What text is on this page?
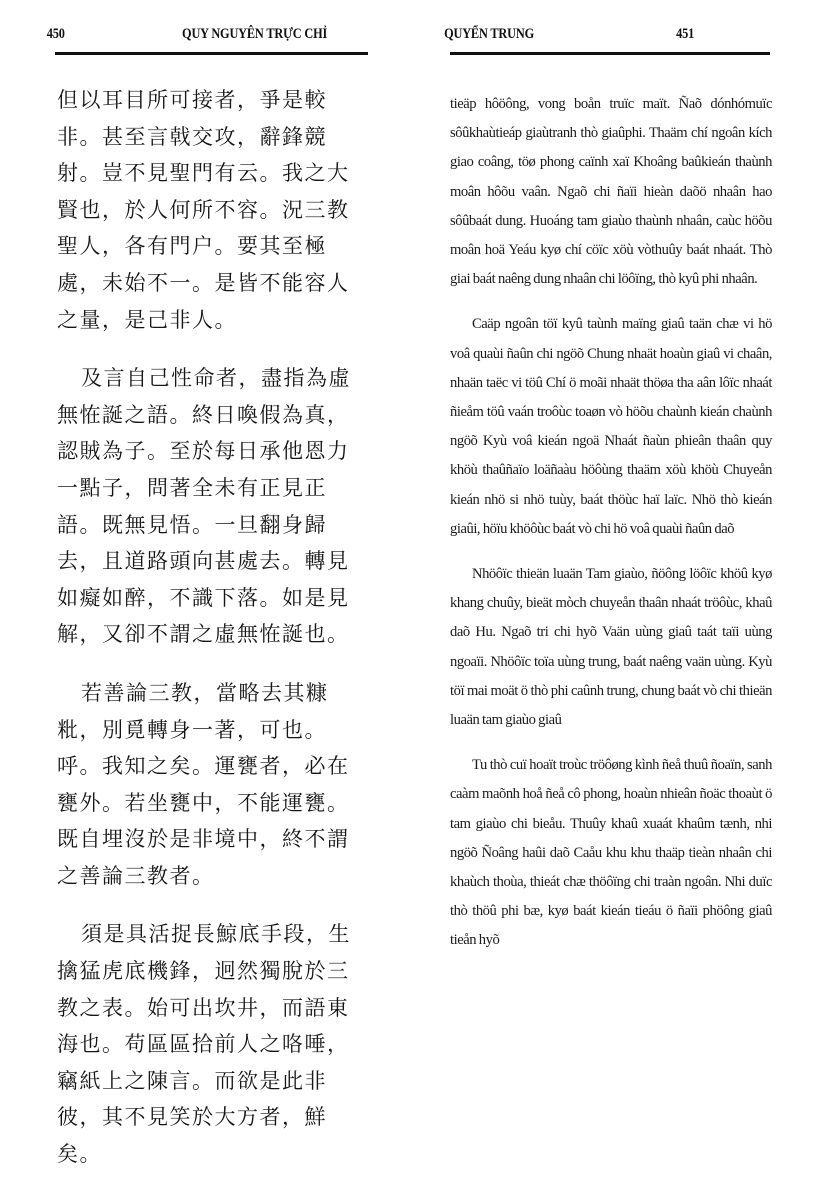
450	QUY NGUYÊN TRỰC CHỈ

但以耳目所可接者，爭是較非。甚至言戟交攻，辭鋒競射。豈不見聖門有云。我之大賢也，於人何所不容。況三教聖人，各有門户。要其至極處，未始不一。是皆不能容人之量，是己非人。

及言自己性命者，盡指為虛無恠誕之語。終日喚假為真，認賊為子。至於每日承他恩力一點子，問著全未有正見正語。既無見悟。一旦翻身歸去，且道路頭向甚處去。轉見如癡如醉，不識下落。如是見解，又卻不謂之虛無恠誕也。

若善論三教，當略去其糠粃，別覓轉身一著，可也。呼。我知之矣。運甕者，必在甕外。若坐甕中，不能運甕。既自埋沒於是非境中，終不謂之善論三教者。

須是具活捉長鯨底手段，生擒猛虎底機鋒，迥然獨脫於三教之表。始可出坎井，而語東海也。苟區區拾前人之咯唾，竊紙上之陳言。而欲是此非彼，其不見笑於大方者，鮮矣。

QUYỂN TRUNG	451

tieäp hôöông, vong boån truïc maït. Ñaõ dónhómuïc sôûkhaùtieáp giaùtranh thò giaûphi. Thaäm chí ngoân kích giao coâng, töø phong caïnh xaï Khoâng baûkieán thaùnh moân hôõu vaân. Ngaõ chi ñaïi hieàn daõö nhaân hao sôûbaát dung. Huoáng tam giaùo thaùnh nhaân, caùc höõu moân hoä Yeáu kyø chí cöïc xöù vòthuûy baát nhaát. Thò giai baát naêng dung nhaân chi löôïng, thò kyû phi nhaân.

Caäp ngoân töï kyû taùnh maïng giaû taän chæ vi hö voâ quaùi ñaûn chi ngöõ Chung nhaät hoaùn giaû vi chaân, nhaän taëc vi töû Chí ö moãi nhaät thöøa tha aân lôïc nhaát ñieåm töû vaán troôùc toaøn vò höõu chaùnh kieán chaùnh ngöõ Kyù voâ kieán ngoä Nhaát ñaùn phieân thaân quy khöù thaûñaïo loäñaàu höôùng thaäm xöù khöù Chuyeån kieán nhö si nhö tuùy, baát thöùc haï laïc. Nhö thò kieán giaûi, höïu khöôùc baát vò chi hö voâ quaùi ñaûn daõ

Nhöôïc thieän luaän Tam giaùo, ñöông löôïc khöû kyø khang chuûy, bieät mòch chuyeån thaân nhaát tröôùc, khaû daõ Hu. Ngaõ tri chi hyõ Vaän uùng giaû taát taïi uùng ngoaïi. Nhöôïc toïa uùng trung, baát naêng vaän uùng. Kyù töï mai moät ö thò phi caûnh trung, chung baát vò chi thieän luaän tam giaùo giaû

Tu thò cuï hoaït troùc tröôøng kình ñeå thuû ñoaïn, sanh caàm maõnh hoå ñeå cô phong, hoaùn nhieân ñoäc thoaùt ö tam giaùo chi bieåu. Thuûy khaû xuaát khaûm tænh, nhi ngöõ Ñoâng haûi daõ Caåu khu khu thaäp tieàn nhaân chi khaùch thoùa, thieát chæ thöôïng chi traàn ngoân. Nhi duïc thò thöû phi bæ, kyø baát kieán tieáu ö ñaïi phöông giaû tieån hyõ
